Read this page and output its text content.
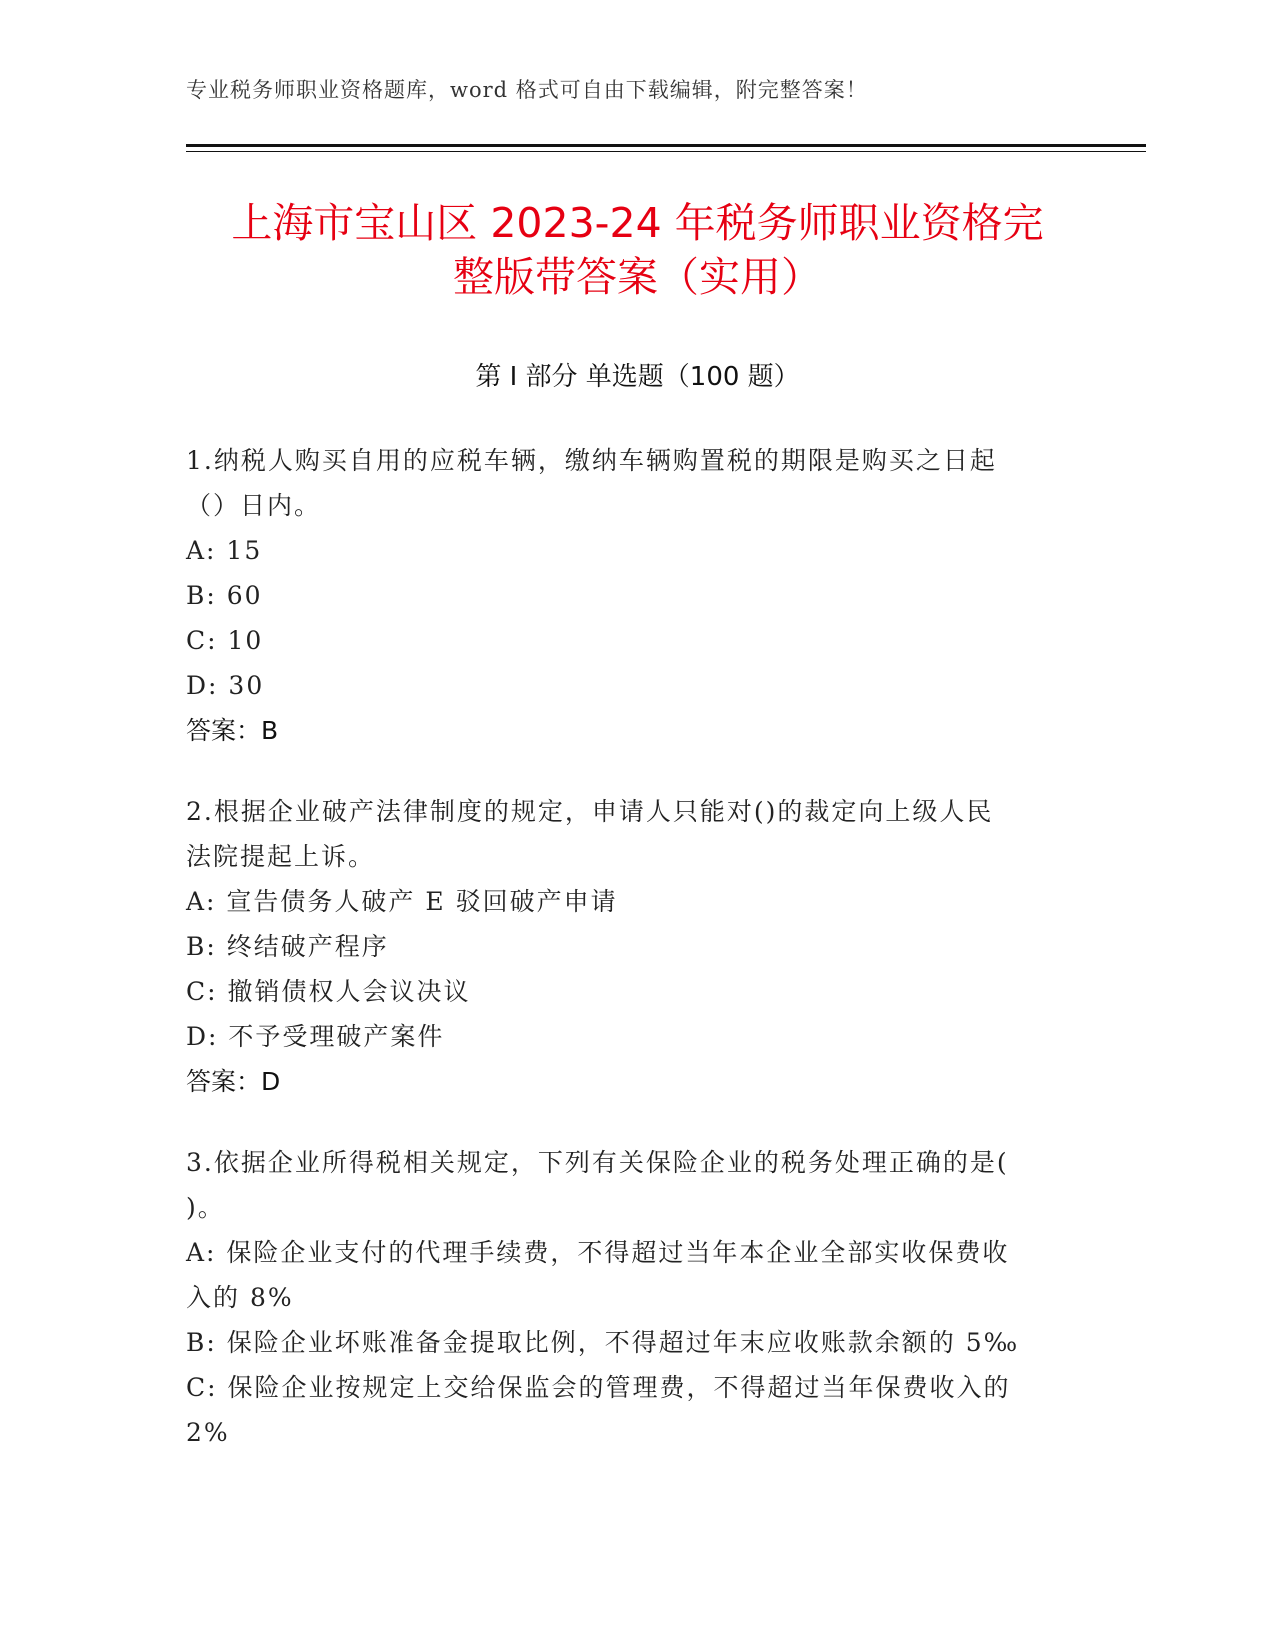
专业税务师职业资格题库，word 格式可自由下载编辑，附完整答案！
上海市宝山区 2023-24 年税务师职业资格完
整版带答案（实用）
第 I 部分 单选题（100 题）
1.纳税人购买自用的应税车辆，缴纳车辆购置税的期限是购买之日起
（）日内。
A: 15
B: 60
C: 10
D: 30
答案：B
2.根据企业破产法律制度的规定，申请人只能对()的裁定向上级人民
法院提起上诉。
A: 宣告债务人破产 E 驳回破产申请
B: 终结破产程序
C: 撤销债权人会议决议
D: 不予受理破产案件
答案：D
3.依据企业所得税相关规定，下列有关保险企业的税务处理正确的是(
)。
A: 保险企业支付的代理手续费，不得超过当年本企业全部实收保费收
入的 8%
B: 保险企业坏账准备金提取比例，不得超过年末应收账款余额的 5‰
C: 保险企业按规定上交给保监会的管理费，不得超过当年保费收入的
2%
